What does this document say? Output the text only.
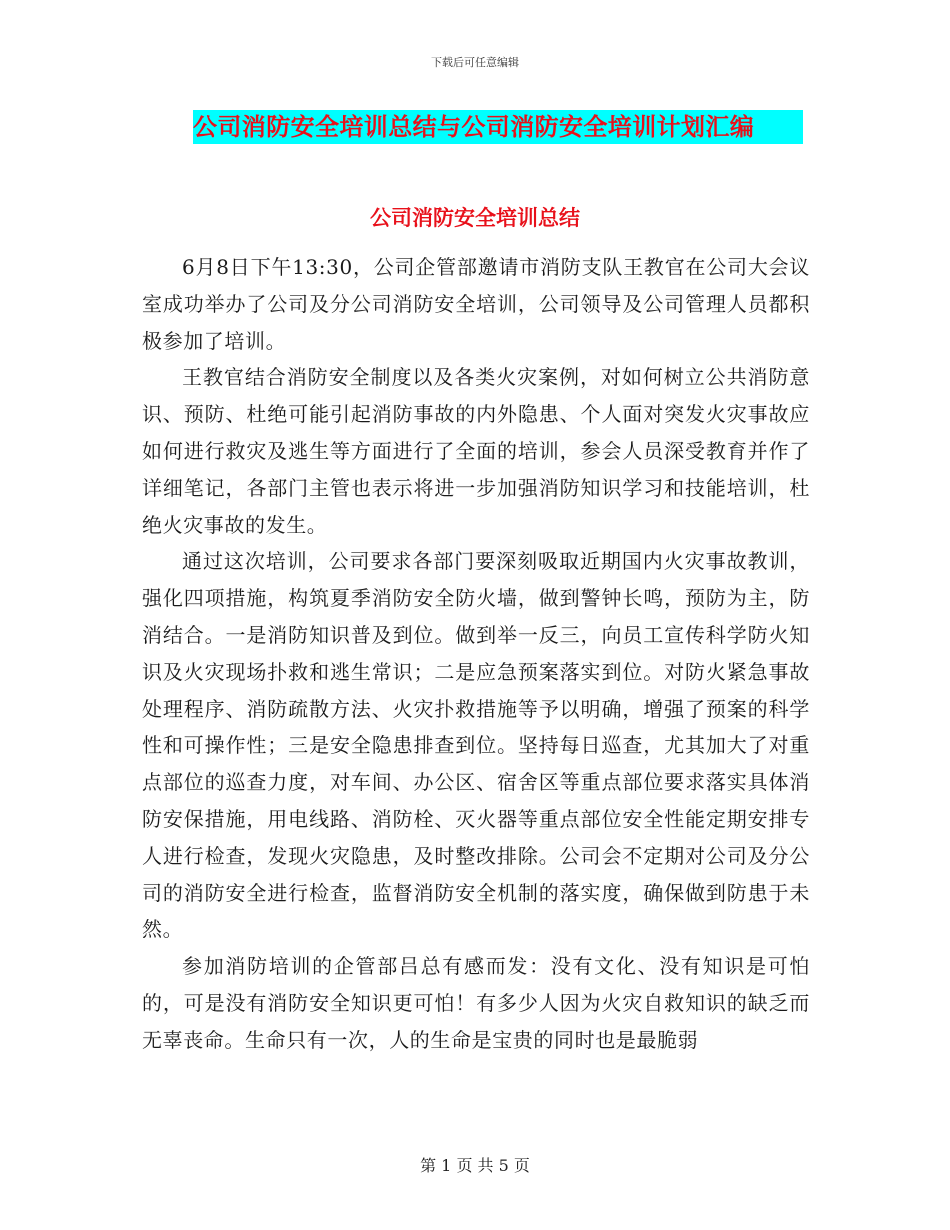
下载后可任意编辑
公司消防安全培训总结与公司消防安全培训计划汇编
公司消防安全培训总结

6月8日下午13:30，公司企管部邀请市消防支队王教官在公司大会议室成功举办了公司及分公司消防安全培训，公司领导及公司管理人员都积极参加了培训。

王教官结合消防安全制度以及各类火灾案例，对如何树立公共消防意识、预防、杜绝可能引起消防事故的内外隐患、个人面对突发火灾事故应如何进行救灾及逃生等方面进行了全面的培训，参会人员深受教育并作了详细笔记，各部门主管也表示将进一步加强消防知识学习和技能培训，杜绝火灾事故的发生。

通过这次培训，公司要求各部门要深刻吸取近期国内火灾事故教训，强化四项措施，构筑夏季消防安全防火墙，做到警钟长鸣，预防为主，防消结合。一是消防知识普及到位。做到举一反三，向员工宣传科学防火知识及火灾现场扑救和逃生常识；二是应急预案落实到位。对防火紧急事故处理程序、消防疏散方法、火灾扑救措施等予以明确，增强了预案的科学性和可操作性；三是安全隐患排查到位。坚持每日巡查，尤其加大了对重点部位的巡查力度，对车间、办公区、宿舍区等重点部位要求落实具体消防安保措施，用电线路、消防栓、灭火器等重点部位安全性能定期安排专人进行检查，发现火灾隐患，及时整改排除。公司会不定期对公司及分公司的消防安全进行检查，监督消防安全机制的落实度，确保做到防患于未然。

参加消防培训的企管部吕总有感而发：没有文化、没有知识是可怕的，可是没有消防安全知识更可怕！有多少人因为火灾自救知识的缺乏而无辜丧命。生命只有一次，人的生命是宝贵的同时也是最脆弱

第 1 页 共 5 页
